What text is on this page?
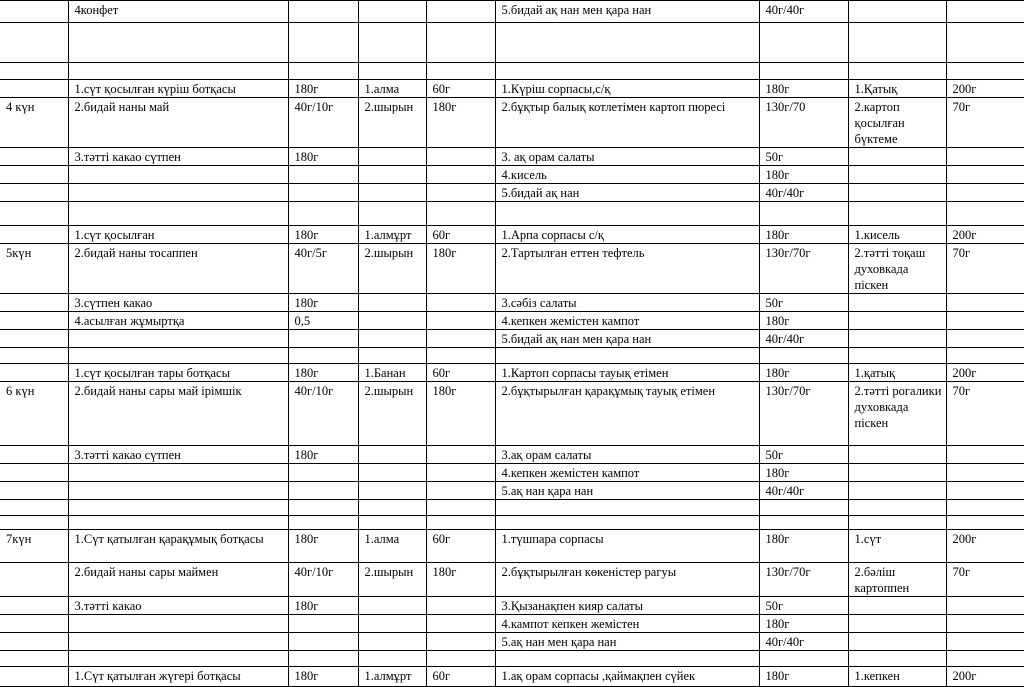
	4конфет				5.бидай ақ нан мен қара нан	40г/40г		

	1.сүт қосылған күріш ботқасы	180г	1.алма	60г	1.Күріш сорпасы,с/қ	180г	1.Қатық	200г
4 күн	2.бидай наны май	40г/10г	2.шырын	180г	2.бұқтыр балық котлетімен картоп пюресі	130г/70	2.картоп қосылған бүктеме	70г
	3.тәтті какао сүтпен	180г			3. ақ орам салаты	50г		
					4.кисель	180г		
					5.бидай ақ нан	40г/40г		

	1.сүт қосылған	180г	1.алмұрт	60г	1.Арпа сорпасы с/қ	180г	1.кисель	200г
5күн	2.бидай наны тосаппен	40г/5г	2.шырын	180г	2.Тартылған еттен тефтель	130г/70г	2.тәтті тоқаш духовкада піскен	70г
	3.сүтпен какао	180г			3.сәбіз салаты	50г		
	4.асылған жұмыртқа	0,5			4.кепкен жемістен кампот	180г		
					5.бидай ақ нан мен қара нан	40г/40г		

	1.сүт қосылған тары ботқасы	180г	1.Банан	60г	1.Картоп сорпасы тауық етімен	180г	1.қатық	200г
6 күн	2.бидай наны сары май ірімшік	40г/10г	2.шырын	180г	2.бұқтырылған қарақұмық тауық етімен	130г/70г	2.тәтті рогалики духовкада піскен	70г
	3.тәтті какао сүтпен	180г			3.ақ орам салаты	50г		
					4.кепкен жемістен кампот	180г		
					5.ақ нан қара нан	40г/40г		

7күн	1.Сүт қатылған қарақұмық ботқасы	180г	1.алма	60г	1.түшпара сорпасы	180г	1.сүт	200г
	2.бидай наны сары маймен	40г/10г	2.шырын	180г	2.бұқтырылған көкеністер рагуы	130г/70г	2.бәліш картоппен	70г
	3.тәтті какао	180г			3.Қызанақпен кияр салаты	50г		
					4.кампот кепкен жемістен	180г		
					5.ақ нан мен қара нан	40г/40г		

	1.Сүт қатылған жүгері ботқасы	180г	1.алмұрт	60г	1.ақ орам сорпасы ,қаймақпен сүйек	180г	1.кепкен	200г
